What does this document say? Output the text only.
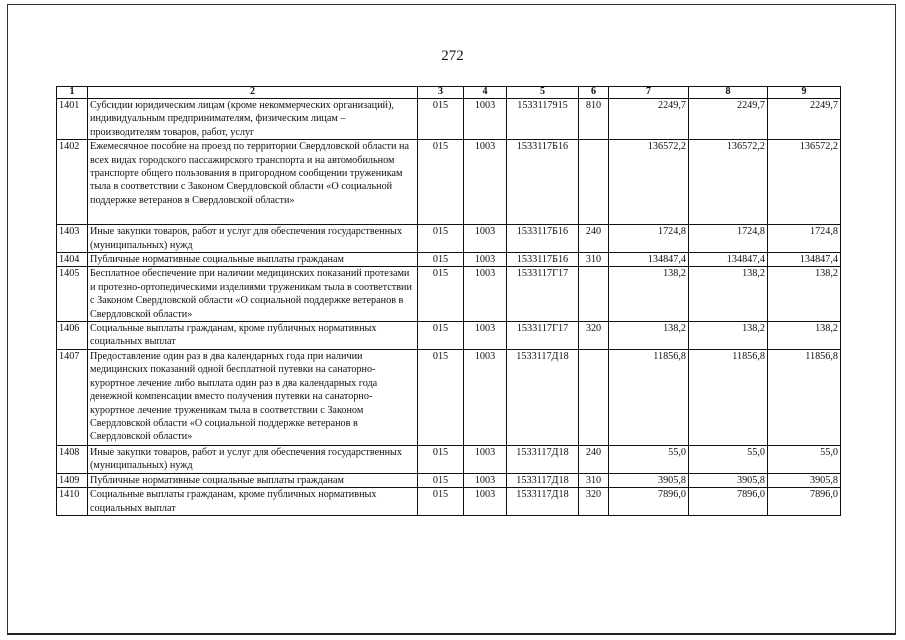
272
1	2	3	4	5	6	7	8	9
1401	Субсидии юридическим лицам (кроме некоммерческих организаций), индивидуальным предпринимателям, физическим лицам – производителям товаров, работ, услуг	015	1003	1533117915	810	2249,7	2249,7	2249,7
1402	Ежемесячное пособие на проезд по территории Свердловской области на всех видах городского пассажирского транспорта и на автомобильном транспорте общего пользования в пригородном сообщении труженикам тыла в соответствии с Законом Свердловской области «О социальной поддержке ветеранов в Свердловской области»	015	1003	1533117Б16		136572,2	136572,2	136572,2
1403	Иные закупки товаров, работ и услуг для обеспечения государственных (муниципальных) нужд	015	1003	1533117Б16	240	1724,8	1724,8	1724,8
1404	Публичные нормативные социальные выплаты гражданам	015	1003	1533117Б16	310	134847,4	134847,4	134847,4
1405	Бесплатное обеспечение при наличии медицинских показаний протезами и протезно-ортопедическими изделиями труженикам тыла в соответствии с Законом Свердловской области «О социальной поддержке ветеранов в Свердловской области»	015	1003	1533117Г17		138,2	138,2	138,2
1406	Социальные выплаты гражданам, кроме публичных нормативных социальных выплат	015	1003	1533117Г17	320	138,2	138,2	138,2
1407	Предоставление один раз в два календарных года при наличии медицинских показаний одной бесплатной путевки на санаторно-курортное лечение либо выплата один раз в два календарных года денежной компенсации вместо получения путевки на санаторно-курортное лечение труженикам тыла в соответствии с Законом Свердловской области «О социальной поддержке ветеранов в Свердловской области»	015	1003	1533117Д18		11856,8	11856,8	11856,8
1408	Иные закупки товаров, работ и услуг для обеспечения государственных (муниципальных) нужд	015	1003	1533117Д18	240	55,0	55,0	55,0
1409	Публичные нормативные социальные выплаты гражданам	015	1003	1533117Д18	310	3905,8	3905,8	3905,8
1410	Социальные выплаты гражданам, кроме публичных нормативных социальных выплат	015	1003	1533117Д18	320	7896,0	7896,0	7896,0
